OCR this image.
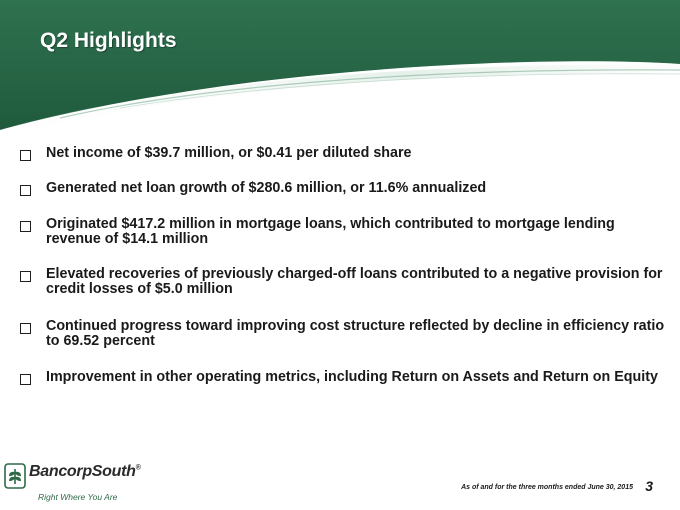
Q2 Highlights
Net income of $39.7 million, or $0.41 per diluted share
Generated net loan growth of $280.6 million, or 11.6% annualized
Originated $417.2 million in mortgage loans, which contributed to mortgage lending revenue of $14.1 million
Elevated recoveries of previously charged-off loans contributed to a negative provision for credit losses of $5.0 million
Continued progress toward improving cost structure reflected by decline in efficiency ratio to 69.52 percent
Improvement in other operating metrics, including Return on Assets and Return on Equity
BancorpSouth®
Right Where You Are
As of and for the three months ended June 30, 2015 3
